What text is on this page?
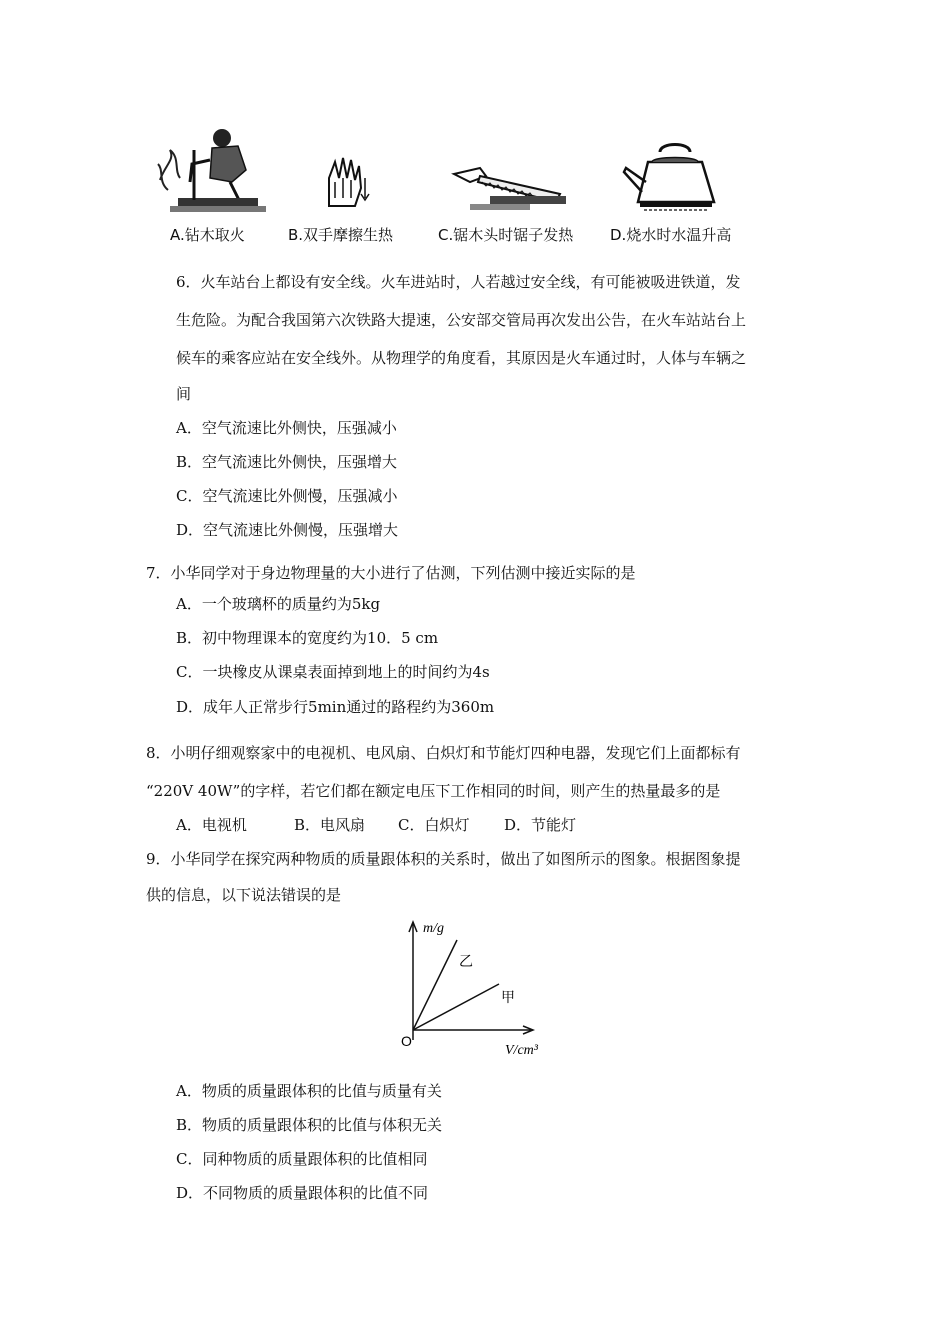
A.钻木取火	B.双手摩擦生热	C.锯木头时锯子发热 D.烧水时水温升高
6．火车站台上都设有安全线。火车进站时，人若越过安全线，有可能被吸进铁道，发
生危险。为配合我国第六次铁路大提速，公安部交管局再次发出公告，在火车站站台上
候车的乘客应站在安全线外。从物理学的角度看，其原因是火车通过时，人体与车辆之
间
A．空气流速比外侧快，压强减小
B．空气流速比外侧快，压强增大
C．空气流速比外侧慢，压强减小
D．空气流速比外侧慢，压强增大
7．小华同学对于身边物理量的大小进行了估测，下列估测中接近实际的是
A．一个玻璃杯的质量约为5kg
B．初中物理课本的宽度约为10．5 cm
C．一块橡皮从课桌表面掉到地上的时间约为4s
D．成年人正常步行5min通过的路程约为360m
8．小明仔细观察家中的电视机、电风扇、白炽灯和节能灯四种电器，发现它们上面都标有
“220V 40W”的字样，若它们都在额定电压下工作相同的时间，则产生的热量最多的是
A．电视机	B．电风扇 C．白炽灯 D．节能灯
9．小华同学在探究两种物质的质量跟体积的关系时，做出了如图所示的图象。根据图象提
供的信息，以下说法错误的是
m/g
V/cm³
O
乙
甲
A．物质的质量跟体积的比值与质量有关
B．物质的质量跟体积的比值与体积无关
C．同种物质的质量跟体积的比值相同
D．不同物质的质量跟体积的比值不同
